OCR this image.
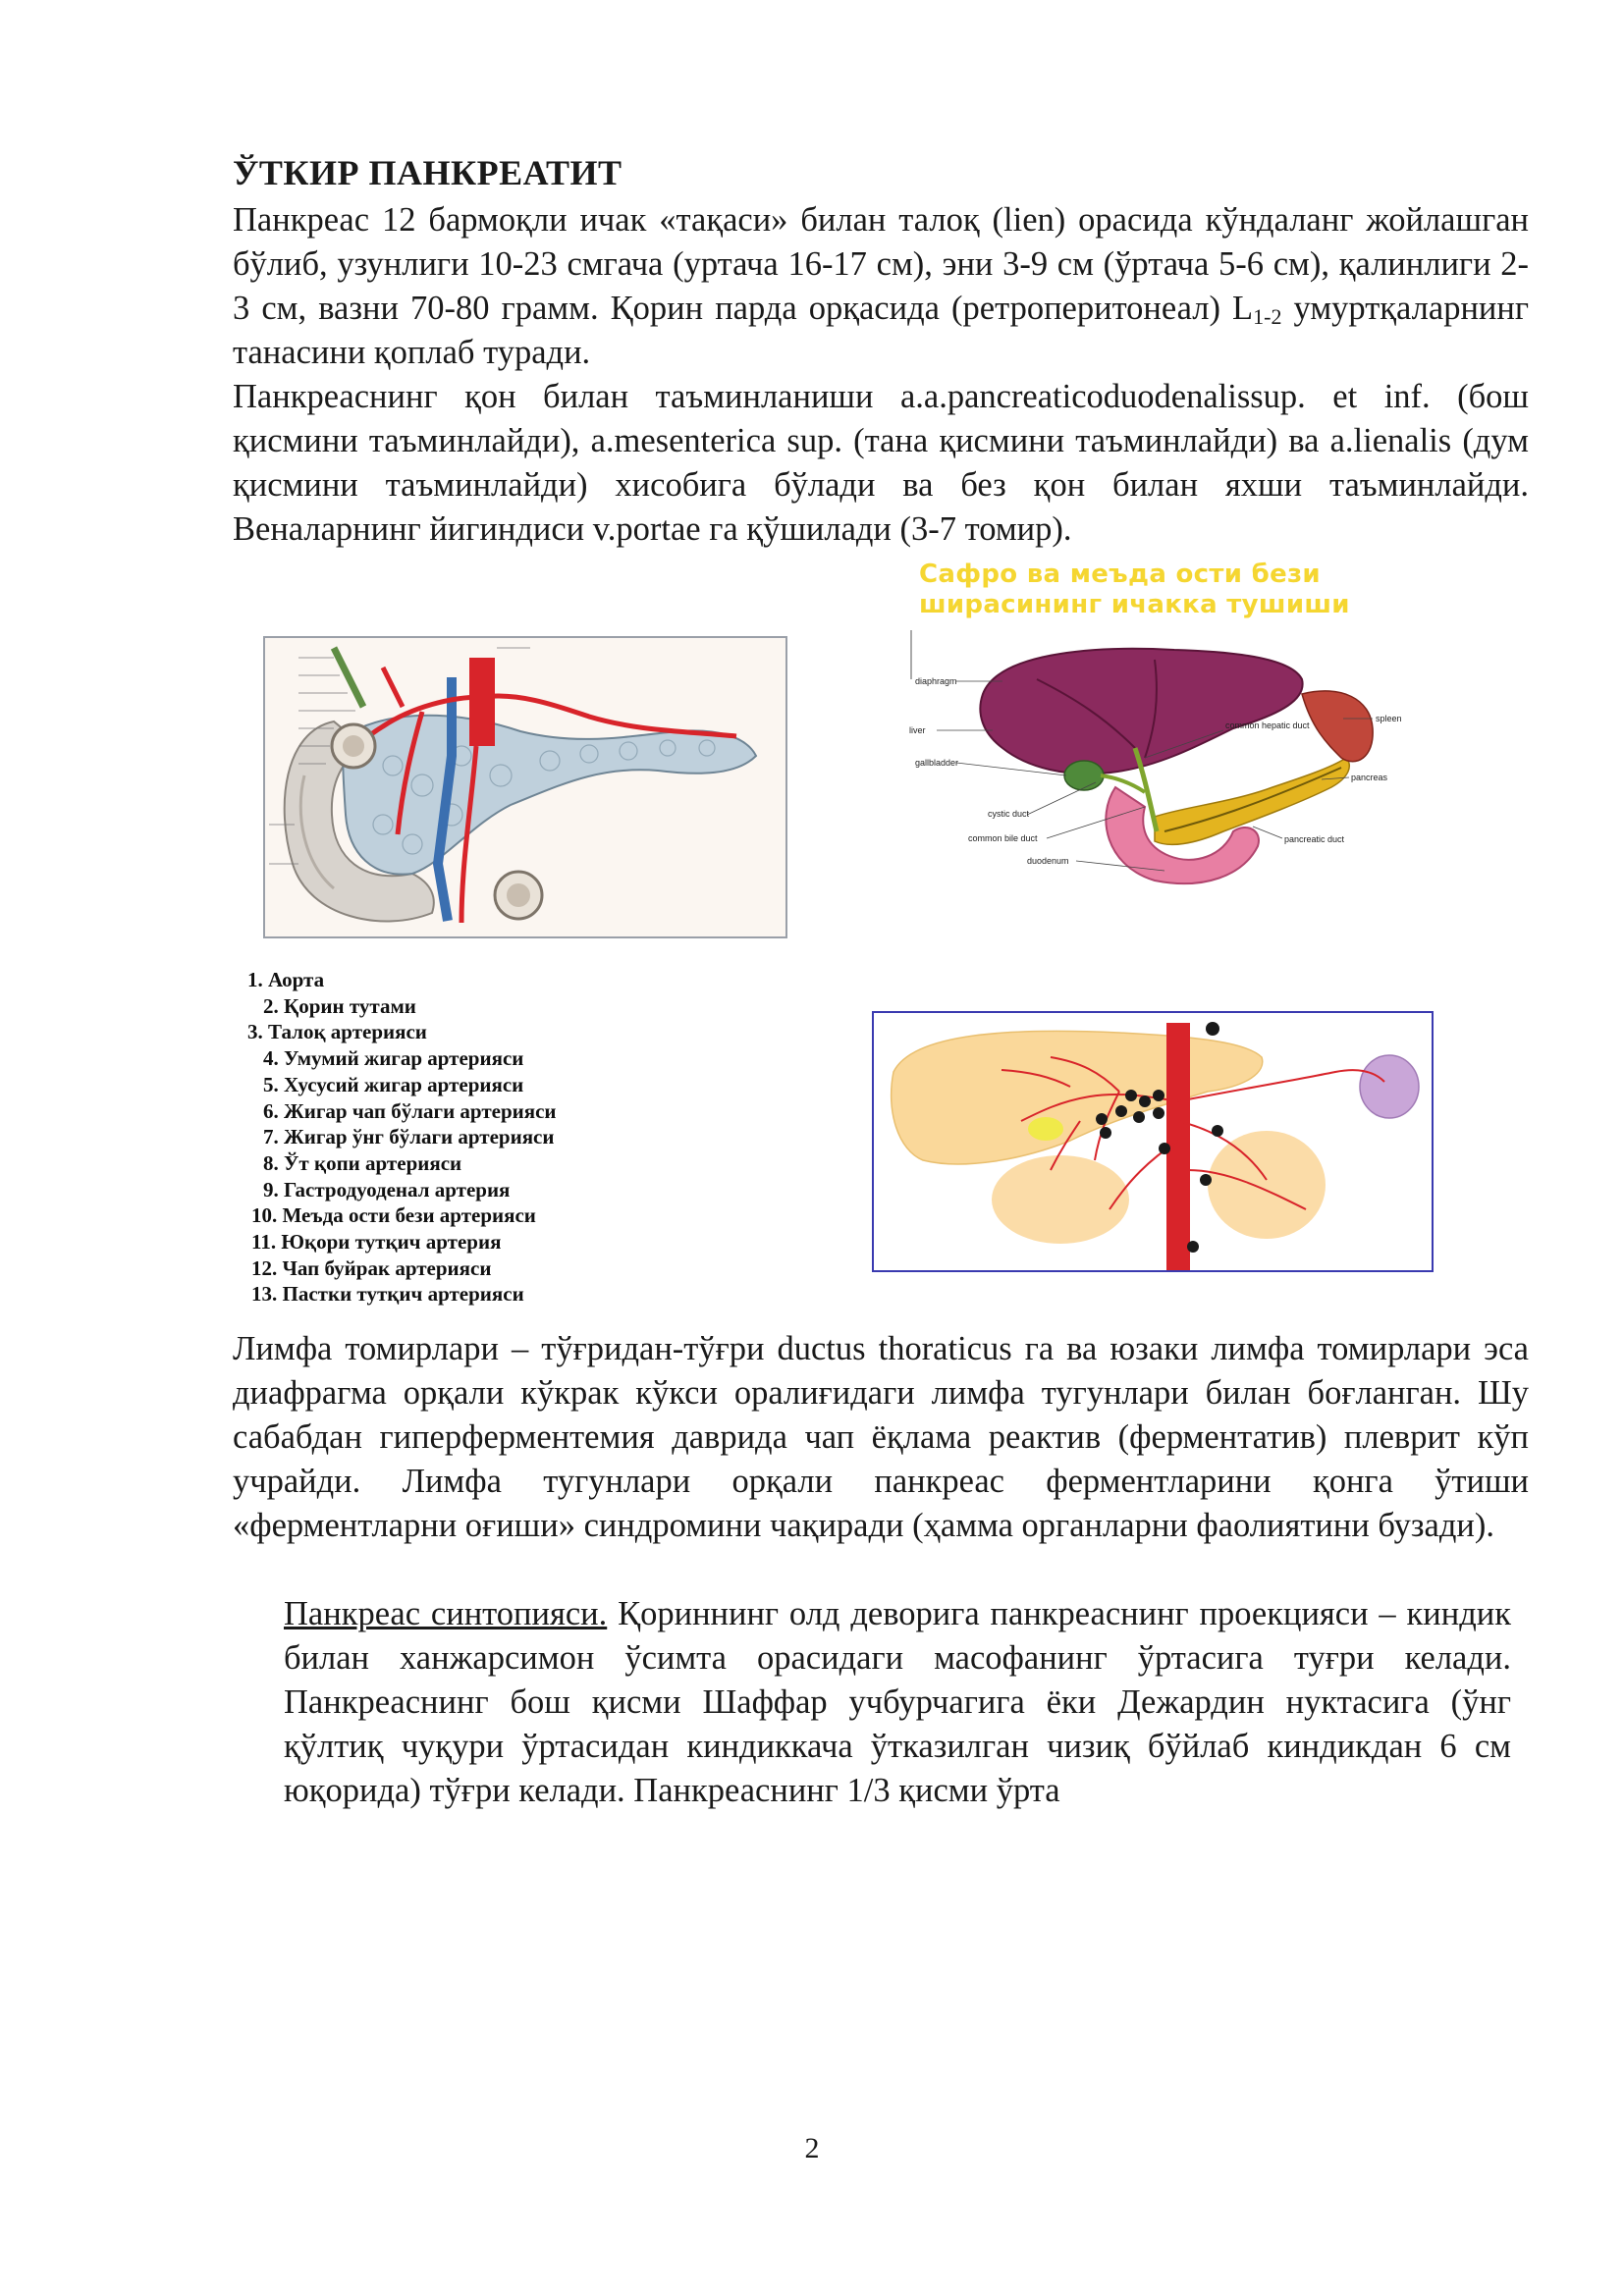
ЎТКИР ПАНКРЕАТИТ

Панкреас 12 бармоқли ичак «тақаси» билан талоқ (lien) орасида кўндаланг жойлашган бўлиб, узунлиги 10-23 смгача (уртача 16-17 см), эни 3-9 см (ўртача 5-6 см), қалинлиги 2-3 см, вазни 70-80 грамм. Қорин парда орқасида (ретроперитонеал) $L_{1-2}$ умуртқаларнинг танасини қоплаб туради.

Панкреаснинг қон билан таъминланиши a.a.pancreaticoduodenalissup. et inf. (бош қисмини таъминлайди), a.mesenterica sup. (тана қисмини таъминлайди) ва a.lienalis (дум қисмини таъминлайди) хисобига бўлади ва без қон билан яхши таъминлайди. Веналарнинг йигиндиси v.portae га қўшилади (3-7 томир).

Сафро ва меъда ости бези ширасининг ичакка тушиши
diaphragm
liver
gallbladder
cystic duct
common bile duct
duodenum
common hepatic duct
spleen
pancreas
pancreatic duct
1. Аорта
2. Қорин тутами
3. Талоқ артерияси
4. Умумий жигар артерияси
5. Хусусий жигар артерияси
6. Жигар чап бўлаги артерияси
7. Жигар ўнг бўлаги артерияси
8. Ўт қопи артерияси
9. Гастродуоденал артерия
10. Меъда ости бези артерияси
11. Юқори тутқич артерия
12. Чап буйрак артерияси
13. Пастки тутқич артерияси

Лимфа томирлари – тўғридан-тўғри ductus thoraticus га ва юзаки лимфа томирлари эса диафрагма орқали кўкрак кўкси оралиғидаги лимфа тугунлари билан боғланган. Шу сабабдан гиперферментемия даврида чап ёқлама реактив (ферментатив) плеврит кўп учрайди. Лимфа тугунлари орқали панкреас ферментларини қонга ўтиши «ферментларни оғиши» синдромини чақиради (ҳамма органларни фаолиятини бузади).

Панкреас синтопияси. Қориннинг олд деворига панкреаснинг проекцияси – киндик билан ханжарсимон ўсимта орасидаги масофанинг ўртасига туғри келади. Панкреаснинг бош қисми Шаффар учбурчагига ёки Дежардин нуктасига (ўнг қўлтиқ чуқури ўртасидан киндиккача ўтказилган чизиқ бўйлаб киндикдан 6 см юқорида) тўғри келади. Панкреаснинг 1/3 қисми ўрта

2
